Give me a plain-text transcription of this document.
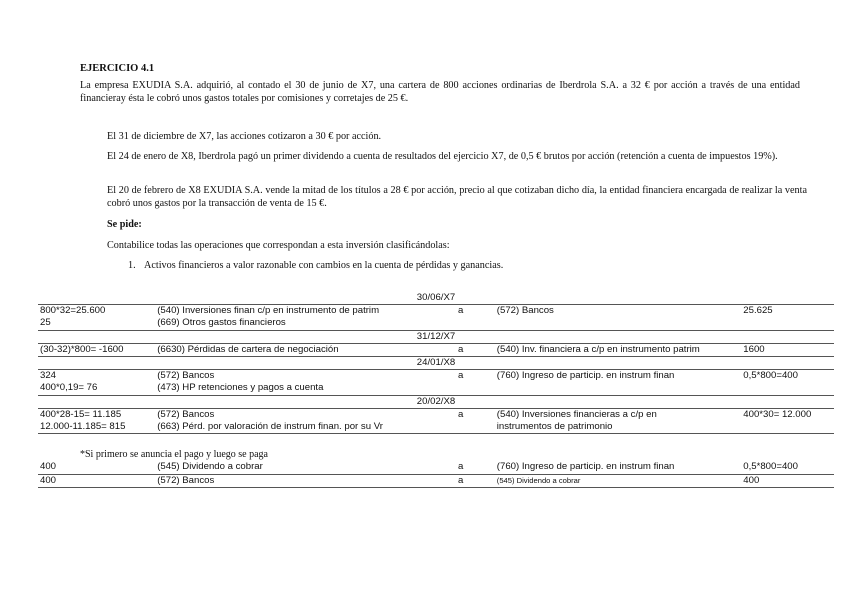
EJERCICIO 4.1
La empresa EXUDIA S.A. adquirió, al contado el 30 de junio de X7, una cartera de 800 acciones ordinarias de Iberdrola S.A. a 32 € por acción a través de una entidad financieray ésta le cobró unos gastos totales por comisiones y corretajes de 25 €.
El 31 de diciembre de X7, las acciones cotizaron a 30 € por acción.
El 24 de enero de X8, Iberdrola pagó un primer dividendo a cuenta de resultados del ejercicio X7, de 0,5 € brutos por acción (retención a cuenta de impuestos 19%).
El 20 de febrero de X8 EXUDIA S.A. vende la mitad de los títulos a 28 € por acción, precio al que cotizaban dicho día, la entidad financiera encargada de realizar la venta cobró unos gastos por la transacción de venta de 15 €.
Se pide:
Contabilice todas las operaciones que correspondan a esta inversión clasificándolas:
1. Activos financieros a valor razonable con cambios en la cuenta de pérdidas y ganancias.
30/06/X7				
800*32=25.600	(540) Inversiones finan c/p en instrumento de patrim	a	(572) Bancos	25.625
25	(669) Otros gastos financieros			
31/12/X7				
(30-32)*800= -1600	(6630) Pérdidas de cartera de negociación	a	(540) Inv. financiera a c/p en instrumento patrim	1600
24/01/X8				
324	(572) Bancos	a	(760) Ingreso de particip. en instrum finan	0,5*800=400
400*0,19= 76	(473) HP retenciones y pagos a cuenta			
20/02/X8				
400*28-15= 11.185	(572) Bancos	a	(540) Inversiones financieras a c/p en	400*30= 12.000
12.000-11.185= 815	(663) Pérd. por valoración de instrum finan. por su Vr		instrumentos de patrimonio	

*Si primero se anuncia el pago y luego se paga				
400	(545) Dividendo a cobrar	a	(760) Ingreso de particip. en instrum finan	0,5*800=400
400	(572) Bancos	a	(545) Dividendo a cobrar	400
